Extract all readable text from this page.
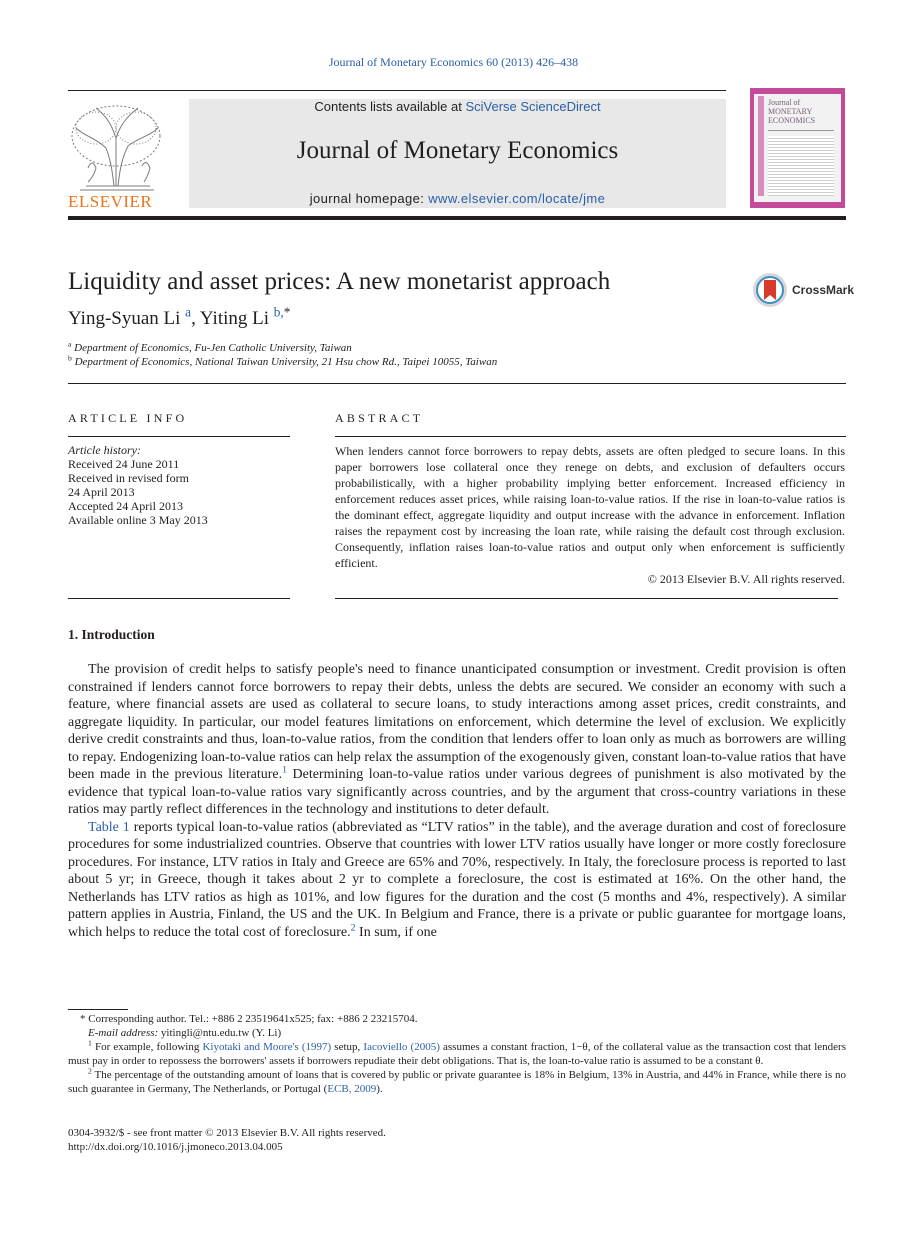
Journal of Monetary Economics 60 (2013) 426–438
ELSEVIER
Contents lists available at SciVerse ScienceDirect
Journal of Monetary Economics
journal homepage: www.elsevier.com/locate/jme
Journal of MONETARY ECONOMICS
Liquidity and asset prices: A new monetarist approach	CrossMark
Ying-Syuan Li $^a$, Yiting Li $^{b,*}$
$^a$ Department of Economics, Fu-Jen Catholic University, Taiwan
$^b$ Department of Economics, National Taiwan University, 21 Hsu chow Rd., Taipei 10055, Taiwan
ARTICLE INFO
Article history:
Received 24 June 2011
Received in revised form
24 April 2013
Accepted 24 April 2013
Available online 3 May 2013
ABSTRACT
When lenders cannot force borrowers to repay debts, assets are often pledged to secure loans. In this paper borrowers lose collateral once they renege on debts, and exclusion of defaulters occurs probabilistically, with a higher probability implying better enforcement. Increased efficiency in enforcement reduces asset prices, while raising loan-to-value ratios. If the rise in loan-to-value ratios is the dominant effect, aggregate liquidity and output increase with the advance in enforcement. Inflation raises the repayment cost by increasing the loan rate, while raising the default cost through exclusion. Consequently, inflation raises loan-to-value ratios and output only when enforcement is sufficiently efficient.
© 2013 Elsevier B.V. All rights reserved.
1. Introduction

The provision of credit helps to satisfy people's need to finance unanticipated consumption or investment. Credit provision is often constrained if lenders cannot force borrowers to repay their debts, unless the debts are secured. We consider an economy with such a feature, where financial assets are used as collateral to secure loans, to study interactions among asset prices, credit constraints, and aggregate liquidity. In particular, our model features limitations on enforcement, which determine the level of exclusion. We explicitly derive credit constraints and thus, loan-to-value ratios, from the condition that lenders offer to loan only as much as borrowers are willing to repay. Endogenizing loan-to-value ratios can help relax the assumption of the exogenously given, constant loan-to-value ratios that have been made in the previous literature.$^1$ Determining loan-to-value ratios under various degrees of punishment is also motivated by the evidence that typical loan-to-value ratios vary significantly across countries, and by the argument that cross-country variations in these ratios may partly reflect differences in the technology and institutions to deter default.

Table 1 reports typical loan-to-value ratios (abbreviated as “LTV ratios” in the table), and the average duration and cost of foreclosure procedures for some industrialized countries. Observe that countries with lower LTV ratios usually have longer or more costly foreclosure procedures. For instance, LTV ratios in Italy and Greece are 65% and 70%, respectively. In Italy, the foreclosure process is reported to last about 5 yr; in Greece, though it takes about 2 yr to complete a foreclosure, the cost is estimated at 16%. On the other hand, the Netherlands has LTV ratios as high as 101%, and low figures for the duration and the cost (5 months and 4%, respectively). A similar pattern applies in Austria, Finland, the US and the UK. In Belgium and France, there is a private or public guarantee for mortgage loans, which helps to reduce the total cost of foreclosure.$^2$ In sum, if one

* Corresponding author. Tel.: +886 2 23519641x525; fax: +886 2 23215704.

E-mail address: yitingli@ntu.edu.tw (Y. Li)

$^1$ For example, following Kiyotaki and Moore's (1997) setup, Iacoviello (2005) assumes a constant fraction, 1−θ, of the collateral value as the transaction cost that lenders must pay in order to repossess the borrowers' assets if borrowers repudiate their debt obligations. That is, the loan-to-value ratio is assumed to be a constant θ.

$^2$ The percentage of the outstanding amount of loans that is covered by public or private guarantee is 18% in Belgium, 13% in Austria, and 44% in France, while there is no such guarantee in Germany, The Netherlands, or Portugal (ECB, 2009).

0304-3932/$ - see front matter © 2013 Elsevier B.V. All rights reserved.
http://dx.doi.org/10.1016/j.jmoneco.2013.04.005
